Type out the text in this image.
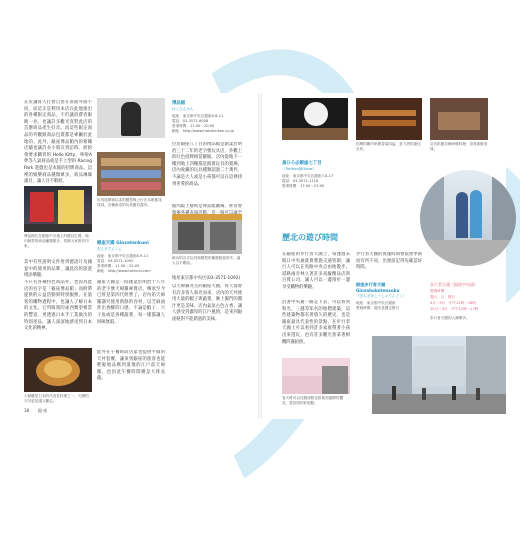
在於讓客人打發自由在表面外掛不同，而這正是利用本店在此地推出的各種限定商品，不但讓消費者眼睛一亮，也讓許多觀光客對此店的首選商品產生好奇。而這些限定商品的外觀跟商品包裝都是專屬於此地的。此外，銀座博品館內的相關店舖也讓許多小朋友到訪時，紛紛會要求購買的 Hello Kitty、哆啦A夢等人氣商品或是手上型的 Racing Park 遊戲也是本館的招牌商品。這裡的娛樂商品種類眾多，商品琳瑯滿目，讓人目不暇給。
博品館位在銀座中央通上的醒目位置，館內販售的商品種類繁多，招牌大家都有印象。
其中有些說明文件用到德語片及國宴中的使用的品牌、讓此次的旅遊增添樂趣。
不只有各種特色商品外，也因為此店的名字是「銀座博品館」而附帶提供的公益活動與特別服務，在旅客的購物過程中，也讓人了解日本的文化。它所販賣的東西類型相當的豐富，更透過日本手工業做出的特別產品，讓人深深地感受到日本文化的精神。
天婦羅是日本的代表性料理之一，天國的天丼更是讓人難忘。
18 銀 座
玩具迷夢寐以求的模型與公仔在本館都找得到，各種新奇的玩具應有盡有。
銀座天國 Ginzatenkuni
ぎんざてんくに
地址：東京都中央区銀座8-9-11
電話：03-3571-1092
營業時間：11:30～22:00
網址：http://www.tenkuni.com
銀座天國是一間創業於明治十八年的老字號天婦羅專賣店。傳承至今已經是第四代經營了，店內的天婦羅講究使用新鮮的食材，以芝麻油炸出香酥的口感，不論是蝦子、穴子魚或是各種蔬菜，每一樣都讓人回味無窮。
此外在午餐時段店家也提供平價的天丼套餐，讓來到銀座的旅客也能輕鬆地品嚐到道地的江戶前天婦羅，也因此午餐時間總是大排長龍。
博品館
はくひんかん
地址：東京都中央区銀座8-8-11
電話：03-3571-8008
營業時間：11:00～20:00
網址：http://www.hakuhinkan.co.jp
位於銀座八丁目的博品館是創業於明治三十二年的老字號玩具店，外觀上的紅色招牌相當顯眼。店內從地下一樓到地上四樓都是販賣玩具的賣場，店內收藏的玩具種類超過二十萬件，不論是大人或是小孩都可以在這裡找到喜愛的商品。
館內最上層則是博品館劇場，經常會
館內的各式玩具與模型的種類相當的多，讓人目不暇給。
地址東京都中央区(03-3571-1092)
以天婦羅為主的銀座天國，每天都會有許多客人慕名而來，店內的天丼使用大量的蝦子與蔬菜，淋上獨門的醬汁更是美味。店內氣氛古色古香，讓人感受到濃厚的江戶風情，是來到銀座絕對不能錯過的美味。
招牌的雞肉串燒香氣四溢，是下酒的最佳良伴。
店內供應各種串燒料理，食材新鮮美味。
鳥ひろ＠銀座七丁目
（Torihiro@Ginza）
地址：東京都中央区銀座7-8-17
電話：03-3571-1118
營業時間：17:00～23:00
歷北の遊び時間
在銀座的步行者天國上，每逢週末假日中央通就會實施交通管制，讓行人可以在馬路中央自由地散步。道路兩旁林立著許多高級精品店與百貨公司，讓人可以一邊漫步一邊享受購物的樂趣。
沿著中央通一路走下去，可以看到和光、三越等知名的地標建築，這些建築物都有著悠久的歷史，也是銀座最具代表性的景點。在步行者天國上可以看到許多家庭帶著小孩出來遊玩，也有許多觀光客拿著相機四處拍照。
春天時可以在銀座附近欣賞到盛開的櫻花，是拍照的好地點。
步行者天國的實施時間會依照季節而有所不同，出發前記得先確認好時間。
銀座步行者天國 Ginzahokotensoku
（ぎんざほこうしゃてんごく）
地址：東京都中央区銀座
實施時間：週末及國定假日
步行者天國（銀座中央通）
實施時間
週六、日、假日
4月～9月　中午12時～18時
10月～3月　中午12時～17時
步行者天國的人潮眾多。
